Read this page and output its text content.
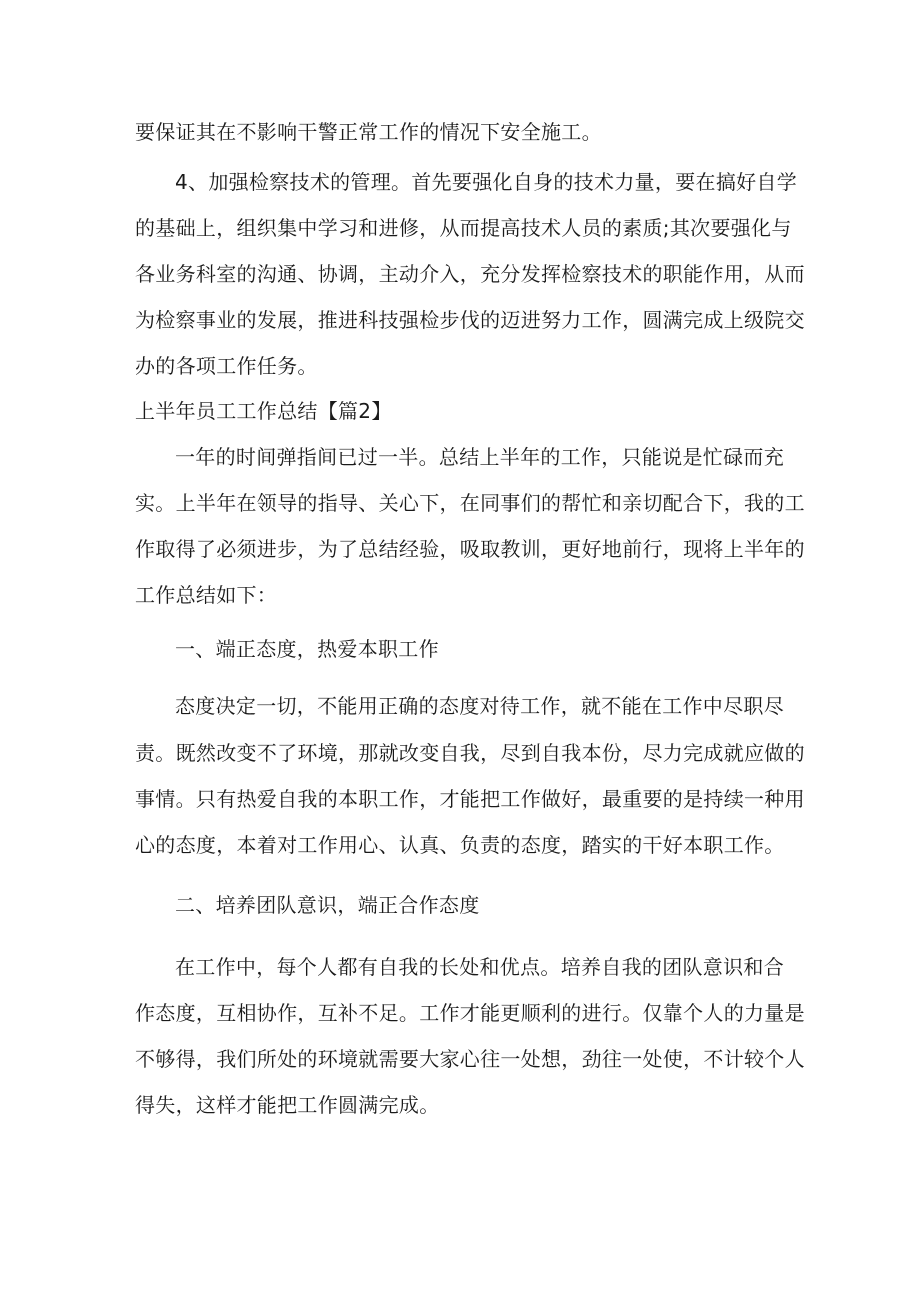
要保证其在不影响干警正常工作的情况下安全施工。
4、加强检察技术的管理。首先要强化自身的技术力量，要在搞好自学
的基础上，组织集中学习和进修，从而提高技术人员的素质;其次要强化与
各业务科室的沟通、协调，主动介入，充分发挥检察技术的职能作用，从而
为检察事业的发展，推进科技强检步伐的迈进努力工作，圆满完成上级院交
办的各项工作任务。
上半年员工工作总结【篇2】
一年的时间弹指间已过一半。总结上半年的工作，只能说是忙碌而充
实。上半年在领导的指导、关心下，在同事们的帮忙和亲切配合下，我的工
作取得了必须进步，为了总结经验，吸取教训，更好地前行，现将上半年的
工作总结如下：
一、端正态度，热爱本职工作
态度决定一切，不能用正确的态度对待工作，就不能在工作中尽职尽
责。既然改变不了环境，那就改变自我，尽到自我本份，尽力完成就应做的
事情。只有热爱自我的本职工作，才能把工作做好，最重要的是持续一种用
心的态度，本着对工作用心、认真、负责的态度，踏实的干好本职工作。
二、培养团队意识，端正合作态度
在工作中，每个人都有自我的长处和优点。培养自我的团队意识和合
作态度，互相协作，互补不足。工作才能更顺利的进行。仅靠个人的力量是
不够得，我们所处的环境就需要大家心往一处想，劲往一处使，不计较个人
得失，这样才能把工作圆满完成。
